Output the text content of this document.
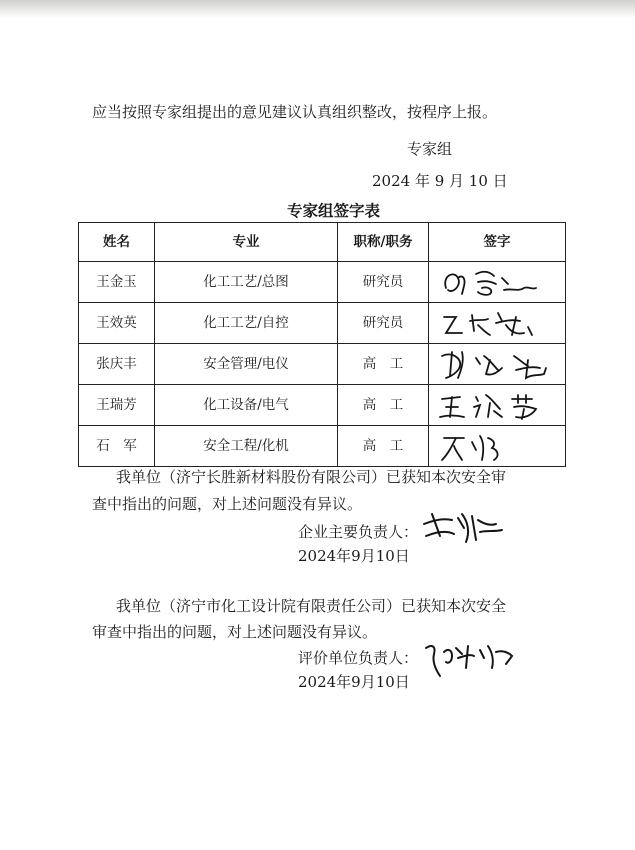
应当按照专家组提出的意见建议认真组织整改，按程序上报。
专家组
2024 年 9 月 10 日
专家组签字表
姓名	专业	职称/职务	签字
王金玉	化工工艺/总图	研究员	

王效英	化工工艺/自控	研究员	

张庆丰	安全管理/电仪	高　工	

王瑞芳	化工设备/电气	高　工	

石　军	安全工程/化机	高　工	
我单位（济宁长胜新材料股份有限公司）已获知本次安全审
查中指出的问题，对上述问题没有异议。
企业主要负责人：
2024年9月10日
我单位（济宁市化工设计院有限责任公司）已获知本次安全
审查中指出的问题，对上述问题没有异议。
评价单位负责人：
2024年9月10日
